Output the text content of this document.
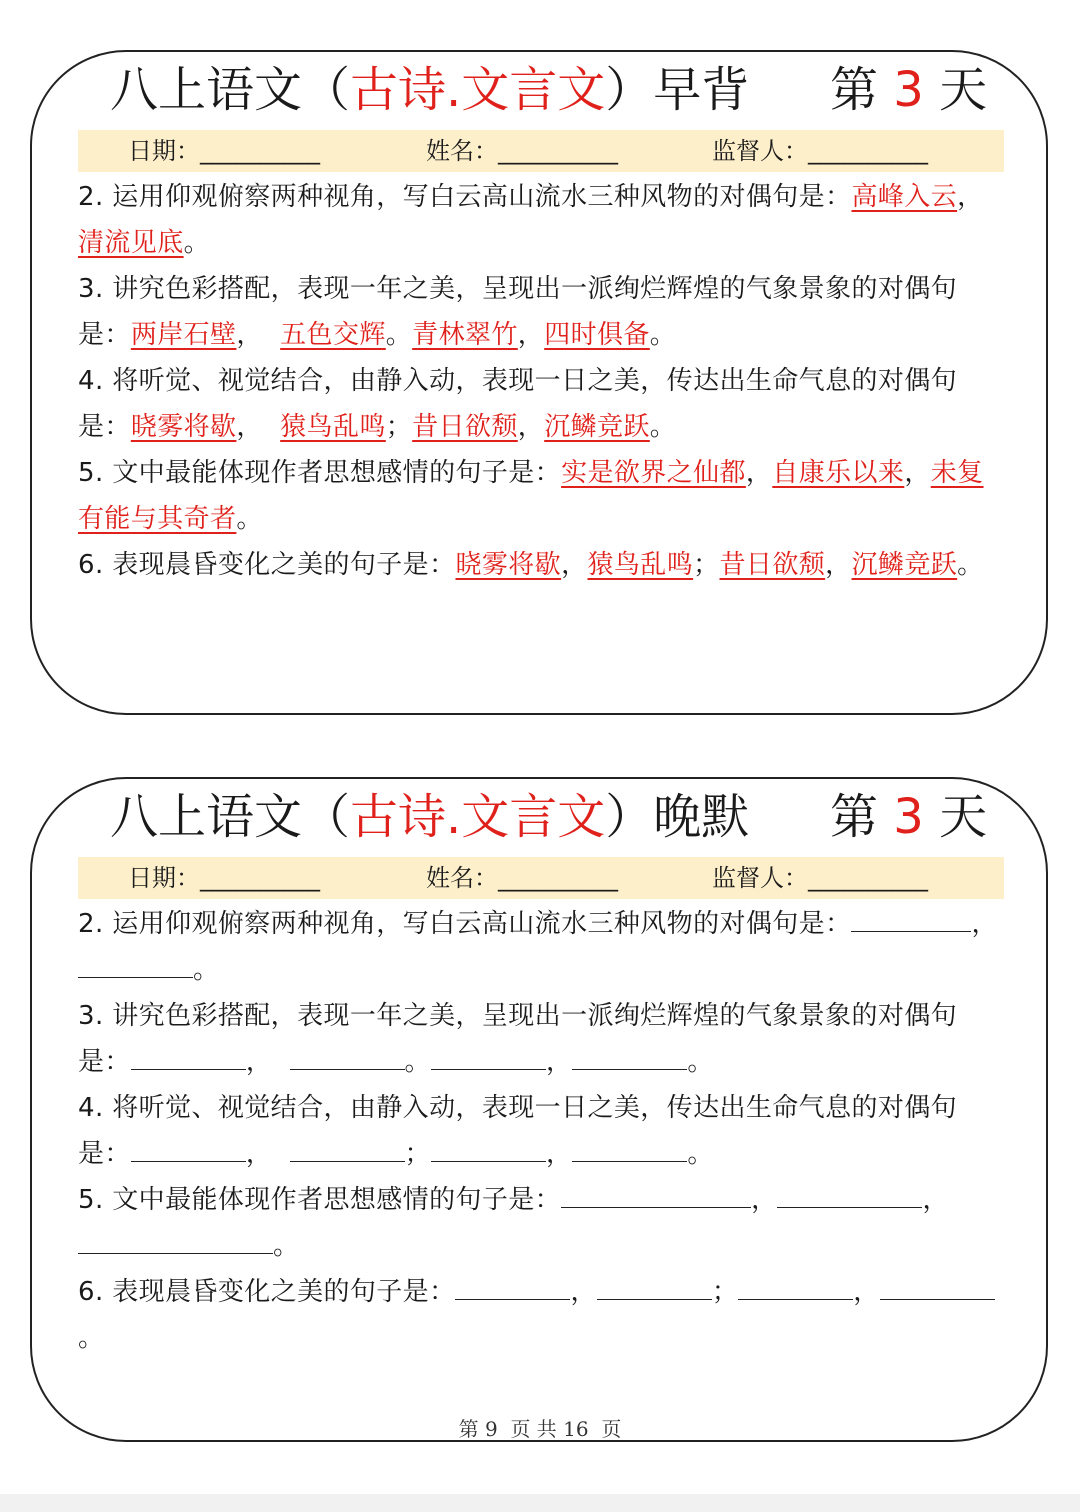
八上语文（古诗.文言文）早背 第 3 天
日期：__________	姓名：__________	监督人：__________

2. 运用仰观俯察两种视角，写白云高山流水三种风物的对偶句是：高峰入云，清流见底。

3. 讲究色彩搭配，表现一年之美，呈现出一派绚烂辉煌的气象景象的对偶句是：两岸石壁，  五色交辉。青林翠竹，四时俱备。

4. 将听觉、视觉结合，由静入动，表现一日之美，传达出生命气息的对偶句是：晓雾将歇，  猿鸟乱鸣；昔日欲颓，沉鳞竞跃。

5. 文中最能体现作者思想感情的句子是：实是欲界之仙都，自康乐以来，未复有能与其奇者。

6. 表现晨昏变化之美的句子是：晓雾将歇，猿鸟乱鸣；昔日欲颓，沉鳞竞跃。

八上语文（古诗.文言文）晚默 第 3 天
日期：__________	姓名：__________	监督人：__________

2. 运用仰观俯察两种视角，写白云高山流水三种风物的对偶句是：	，。

3. 讲究色彩搭配，表现一年之美，呈现出一派绚烂辉煌的气象景象的对偶句是：	，	。	，	。

4. 将听觉、视觉结合，由静入动，表现一日之美，传达出生命气息的对偶句是：	，	；	，	。

5. 文中最能体现作者思想感情的句子是：	，	，。

6. 表现晨昏变化之美的句子是：	，	；	，。

第 9  页 共 16  页
